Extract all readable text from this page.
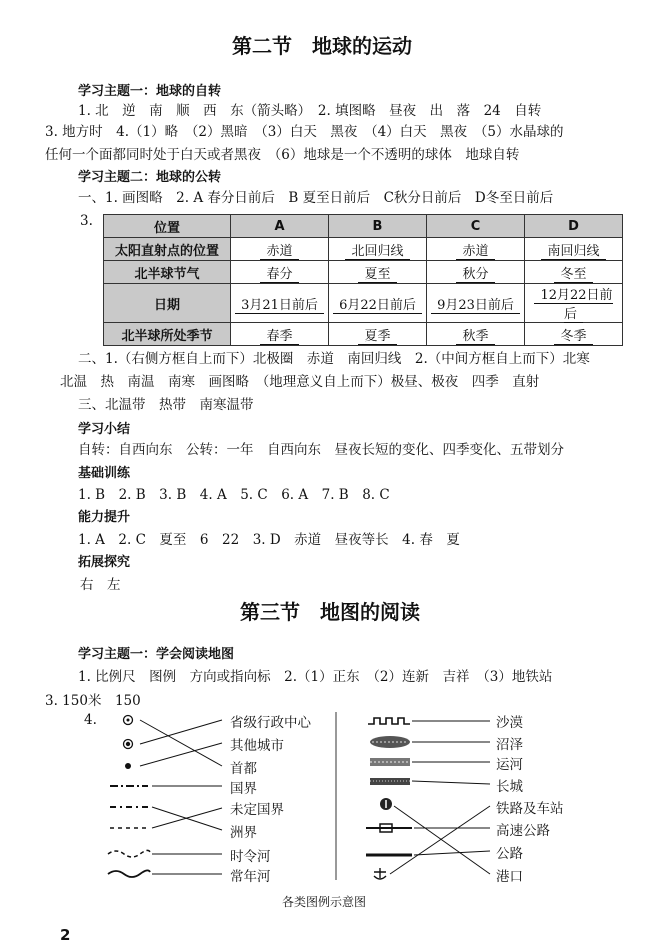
第二节　地球的运动
学习主题一：地球的自转
1. 北　逆　南　顺　西　东（箭头略）　2. 填图略　昼夜　出　落　24　自转
3. 地方时　4.（1）略　（2）黑暗　（3）白天　黑夜　（4）白天　黑夜　（5）水晶球的
任何一个面都同时处于白天或者黑夜　（6）地球是一个不透明的球体　地球自转
学习主题二：地球的公转
一、1. 画图略　2. A 春分日前后　B 夏至日前后　C秋分日前后　D冬至日前后
3.	位置	A	B	C	D
太阳直射点的位置	赤道	北回归线	赤道	南回归线
北半球节气	春分	夏至	秋分	冬至
日期	3月21日前后	6月22日前后	9月23日前后	12月22日前后
北半球所处季节	春季	夏季	秋季	冬季
二、1.（右侧方框自上而下）北极圈　赤道　南回归线　2.（中间方框自上而下）北寒
北温　热　南温　南寒　画图略　（地理意义自上而下）极昼、极夜　四季　直射
三、北温带　热带　南寒温带
学习小结
自转：自西向东　公转：一年　自西向东　昼夜长短的变化、四季变化、五带划分
基础训练
1. B　2. B　3. B　4. A　5. C　6. A　7. B　8. C
能力提升
1. A　2. C　夏至　6　22　3. D　赤道　昼夜等长　4. 春　夏
拓展探究
右　左
第三节　地图的阅读
学习主题一：学会阅读地图
1. 比例尺　图例　方向或指向标　2.（1）正东　（2）连新　吉祥　（3）地铁站
3. 150米　150
4.	省级行政中心
其他城市
首都
国界
未定国界
洲界
时令河
常年河
沙漠
沼泽
运河
长城
铁路及车站
高速公路
公路
港口
各类图例示意图
2
